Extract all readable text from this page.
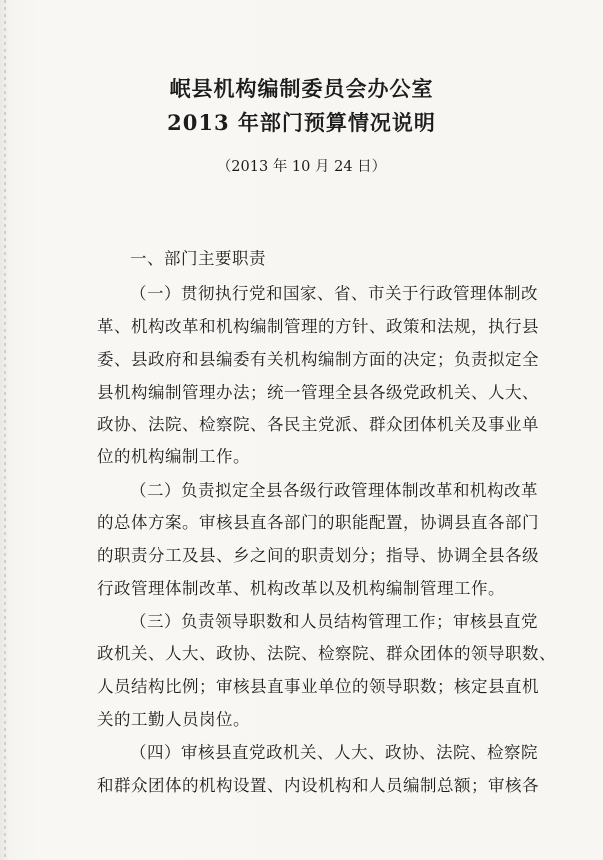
岷县机构编制委员会办公室
2013 年部门预算情况说明
（2013 年 10 月 24 日）
一、部门主要职责
（一）贯彻执行党和国家、省、市关于行政管理体制改
革、机构改革和机构编制管理的方针、政策和法规，执行县
委、县政府和县编委有关机构编制方面的决定；负责拟定全
县机构编制管理办法；统一管理全县各级党政机关、人大、
政协、法院、检察院、各民主党派、群众团体机关及事业单
位的机构编制工作。
（二）负责拟定全县各级行政管理体制改革和机构改革
的总体方案。审核县直各部门的职能配置，协调县直各部门
的职责分工及县、乡之间的职责划分；指导、协调全县各级
行政管理体制改革、机构改革以及机构编制管理工作。
（三）负责领导职数和人员结构管理工作；审核县直党
政机关、人大、政协、法院、检察院、群众团体的领导职数、
人员结构比例；审核县直事业单位的领导职数；核定县直机
关的工勤人员岗位。
（四）审核县直党政机关、人大、政协、法院、检察院
和群众团体的机构设置、内设机构和人员编制总额；审核各
